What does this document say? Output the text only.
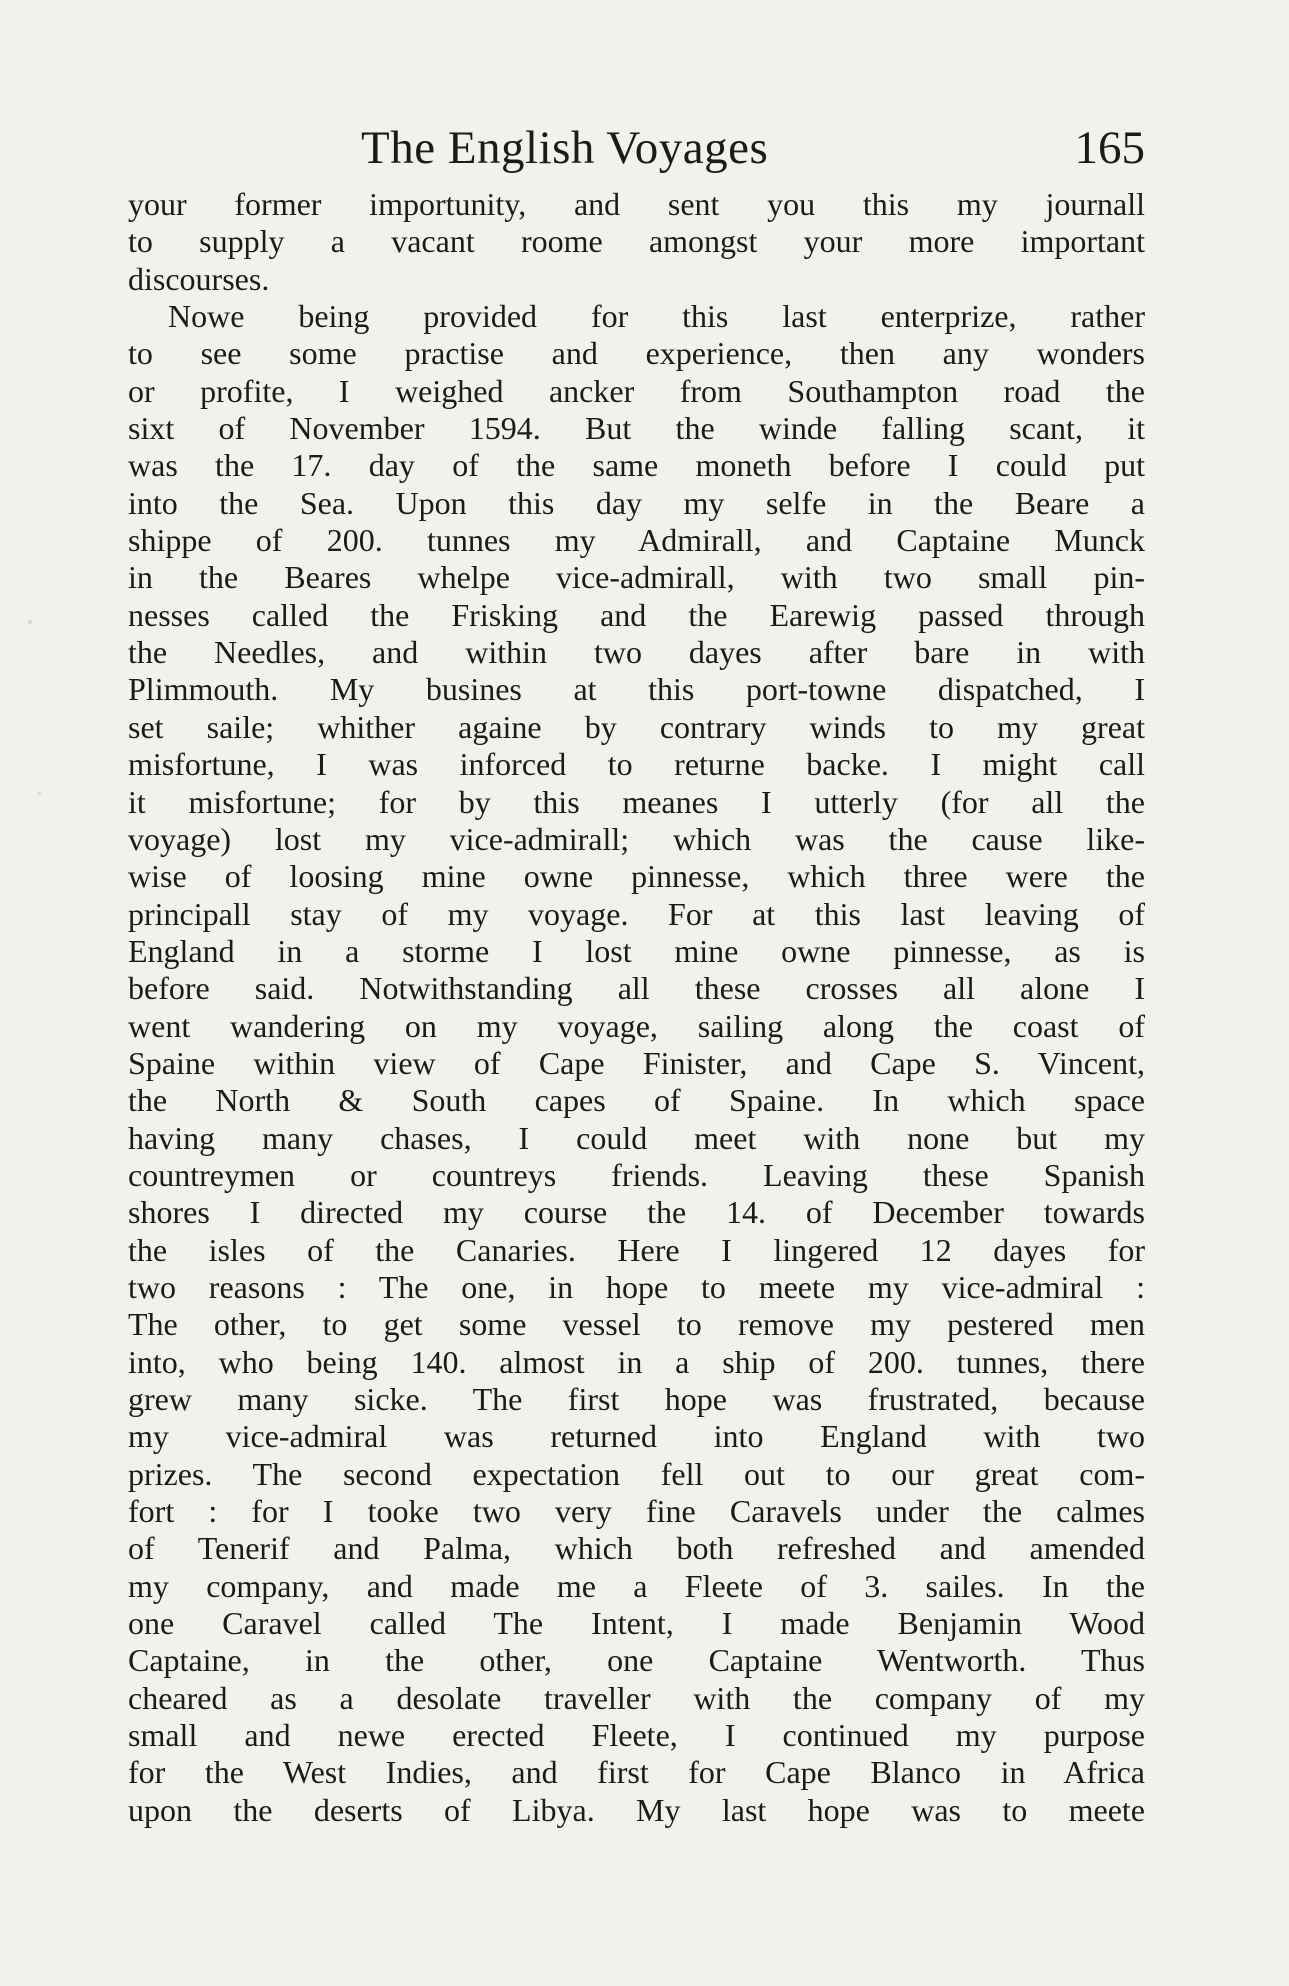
The English Voyages	165
your former importunity, and sent you this my journall
to supply a vacant roome amongst your more important
discourses.
Nowe being provided for this last enterprize, rather
to see some practise and experience, then any wonders
or profite, I weighed ancker from Southampton road the
sixt of November 1594. But the winde falling scant, it
was the 17. day of the same moneth before I could put
into the Sea. Upon this day my selfe in the Beare a
shippe of 200. tunnes my Admirall, and Captaine Munck
in the Beares whelpe vice-admirall, with two small pin-
nesses called the Frisking and the Earewig passed through
the Needles, and within two dayes after bare in with
Plimmouth. My busines at this port-towne dispatched, I
set saile; whither againe by contrary winds to my great
misfortune, I was inforced to returne backe. I might call
it misfortune; for by this meanes I utterly (for all the
voyage) lost my vice-admirall; which was the cause like-
wise of loosing mine owne pinnesse, which three were the
principall stay of my voyage. For at this last leaving of
England in a storme I lost mine owne pinnesse, as is
before said. Notwithstanding all these crosses all alone I
went wandering on my voyage, sailing along the coast of
Spaine within view of Cape Finister, and Cape S. Vincent,
the North & South capes of Spaine. In which space
having many chases, I could meet with none but my
countreymen or countreys friends. Leaving these Spanish
shores I directed my course the 14. of December towards
the isles of the Canaries. Here I lingered 12 dayes for
two reasons : The one, in hope to meete my vice-admiral :
The other, to get some vessel to remove my pestered men
into, who being 140. almost in a ship of 200. tunnes, there
grew many sicke. The first hope was frustrated, because
my vice-admiral was returned into England with two
prizes. The second expectation fell out to our great com-
fort : for I tooke two very fine Caravels under the calmes
of Tenerif and Palma, which both refreshed and amended
my company, and made me a Fleete of 3. sailes. In the
one Caravel called The Intent, I made Benjamin Wood
Captaine, in the other, one Captaine Wentworth. Thus
cheared as a desolate traveller with the company of my
small and newe erected Fleete, I continued my purpose
for the West Indies, and first for Cape Blanco in Africa
upon the deserts of Libya. My last hope was to meete
